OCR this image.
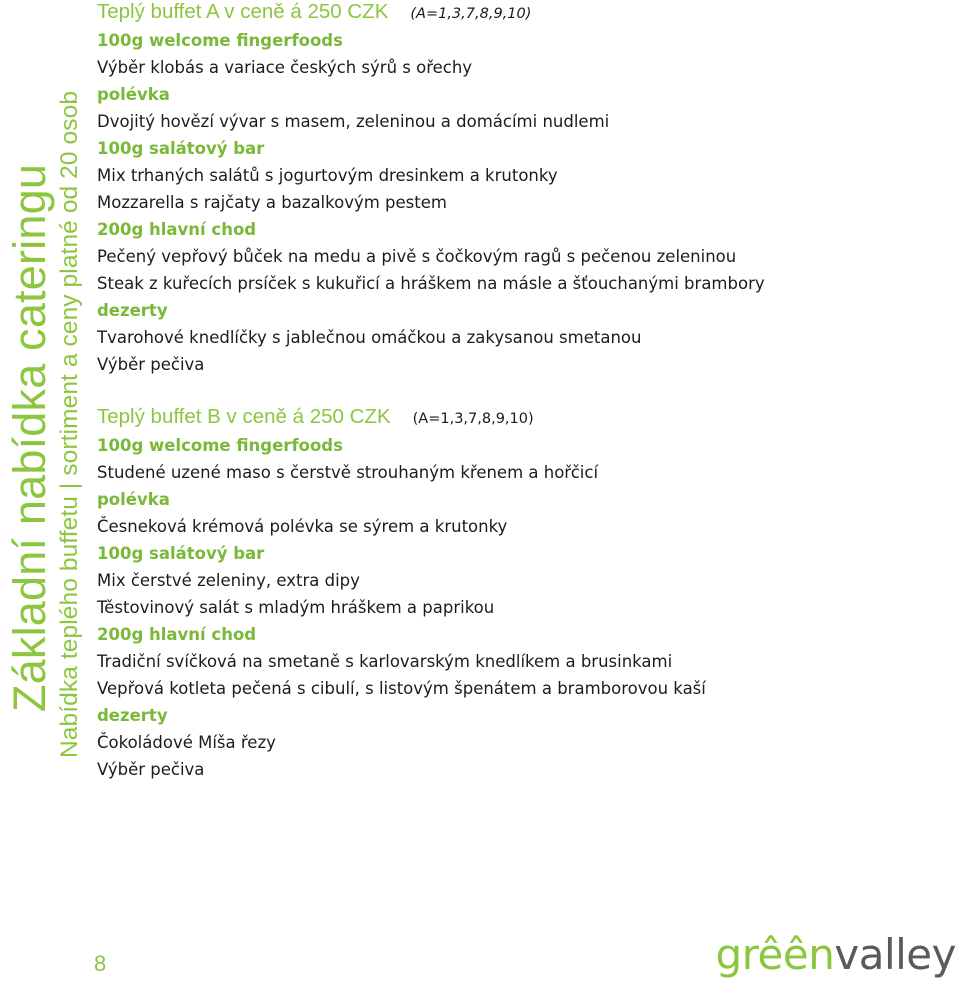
Základní nabídka cateringu Nabídka teplého buffetu | sortiment a ceny platné od 20 osob
Teplý buffet A v ceně á 250 CZK (A=1,3,7,8,9,10)
100g welcome fingerfoods
Výběr klobás a variace českých sýrů s ořechy
polévka
Dvojitý hovězí vývar s masem, zeleninou a domácími nudlemi
100g salátový bar
Mix trhaných salátů s jogurtovým dresinkem a krutonky
Mozzarella s rajčaty a bazalkovým pestem
200g hlavní chod
Pečený vepřový bůček na medu a pivě s čočkovým ragů s pečenou zeleninou
Steak z kuřecích prsíček s kukuřicí a hráškem na másle a šťouchanými brambory
dezerty
Tvarohové knedlíčky s jablečnou omáčkou a zakysanou smetanou
Výběr pečiva
Teplý buffet B v ceně á 250 CZK (A=1,3,7,8,9,10)
100g welcome fingerfoods
Studené uzené maso s čerstvě strouhaným křenem a hořčicí
polévka
Česneková krémová polévka se sýrem a krutonky
100g salátový bar
Mix čerstvé zeleniny, extra dipy
Těstovinový salát s mladým hráškem a paprikou
200g hlavní chod
Tradiční svíčková na smetaně s karlovarským knedlíkem a brusinkami
Vepřová kotleta pečená s cibulí, s listovým špenátem a bramborovou kaší
dezerty
Čokoládové Míša řezy
Výběr pečiva
8	grêênvalley
